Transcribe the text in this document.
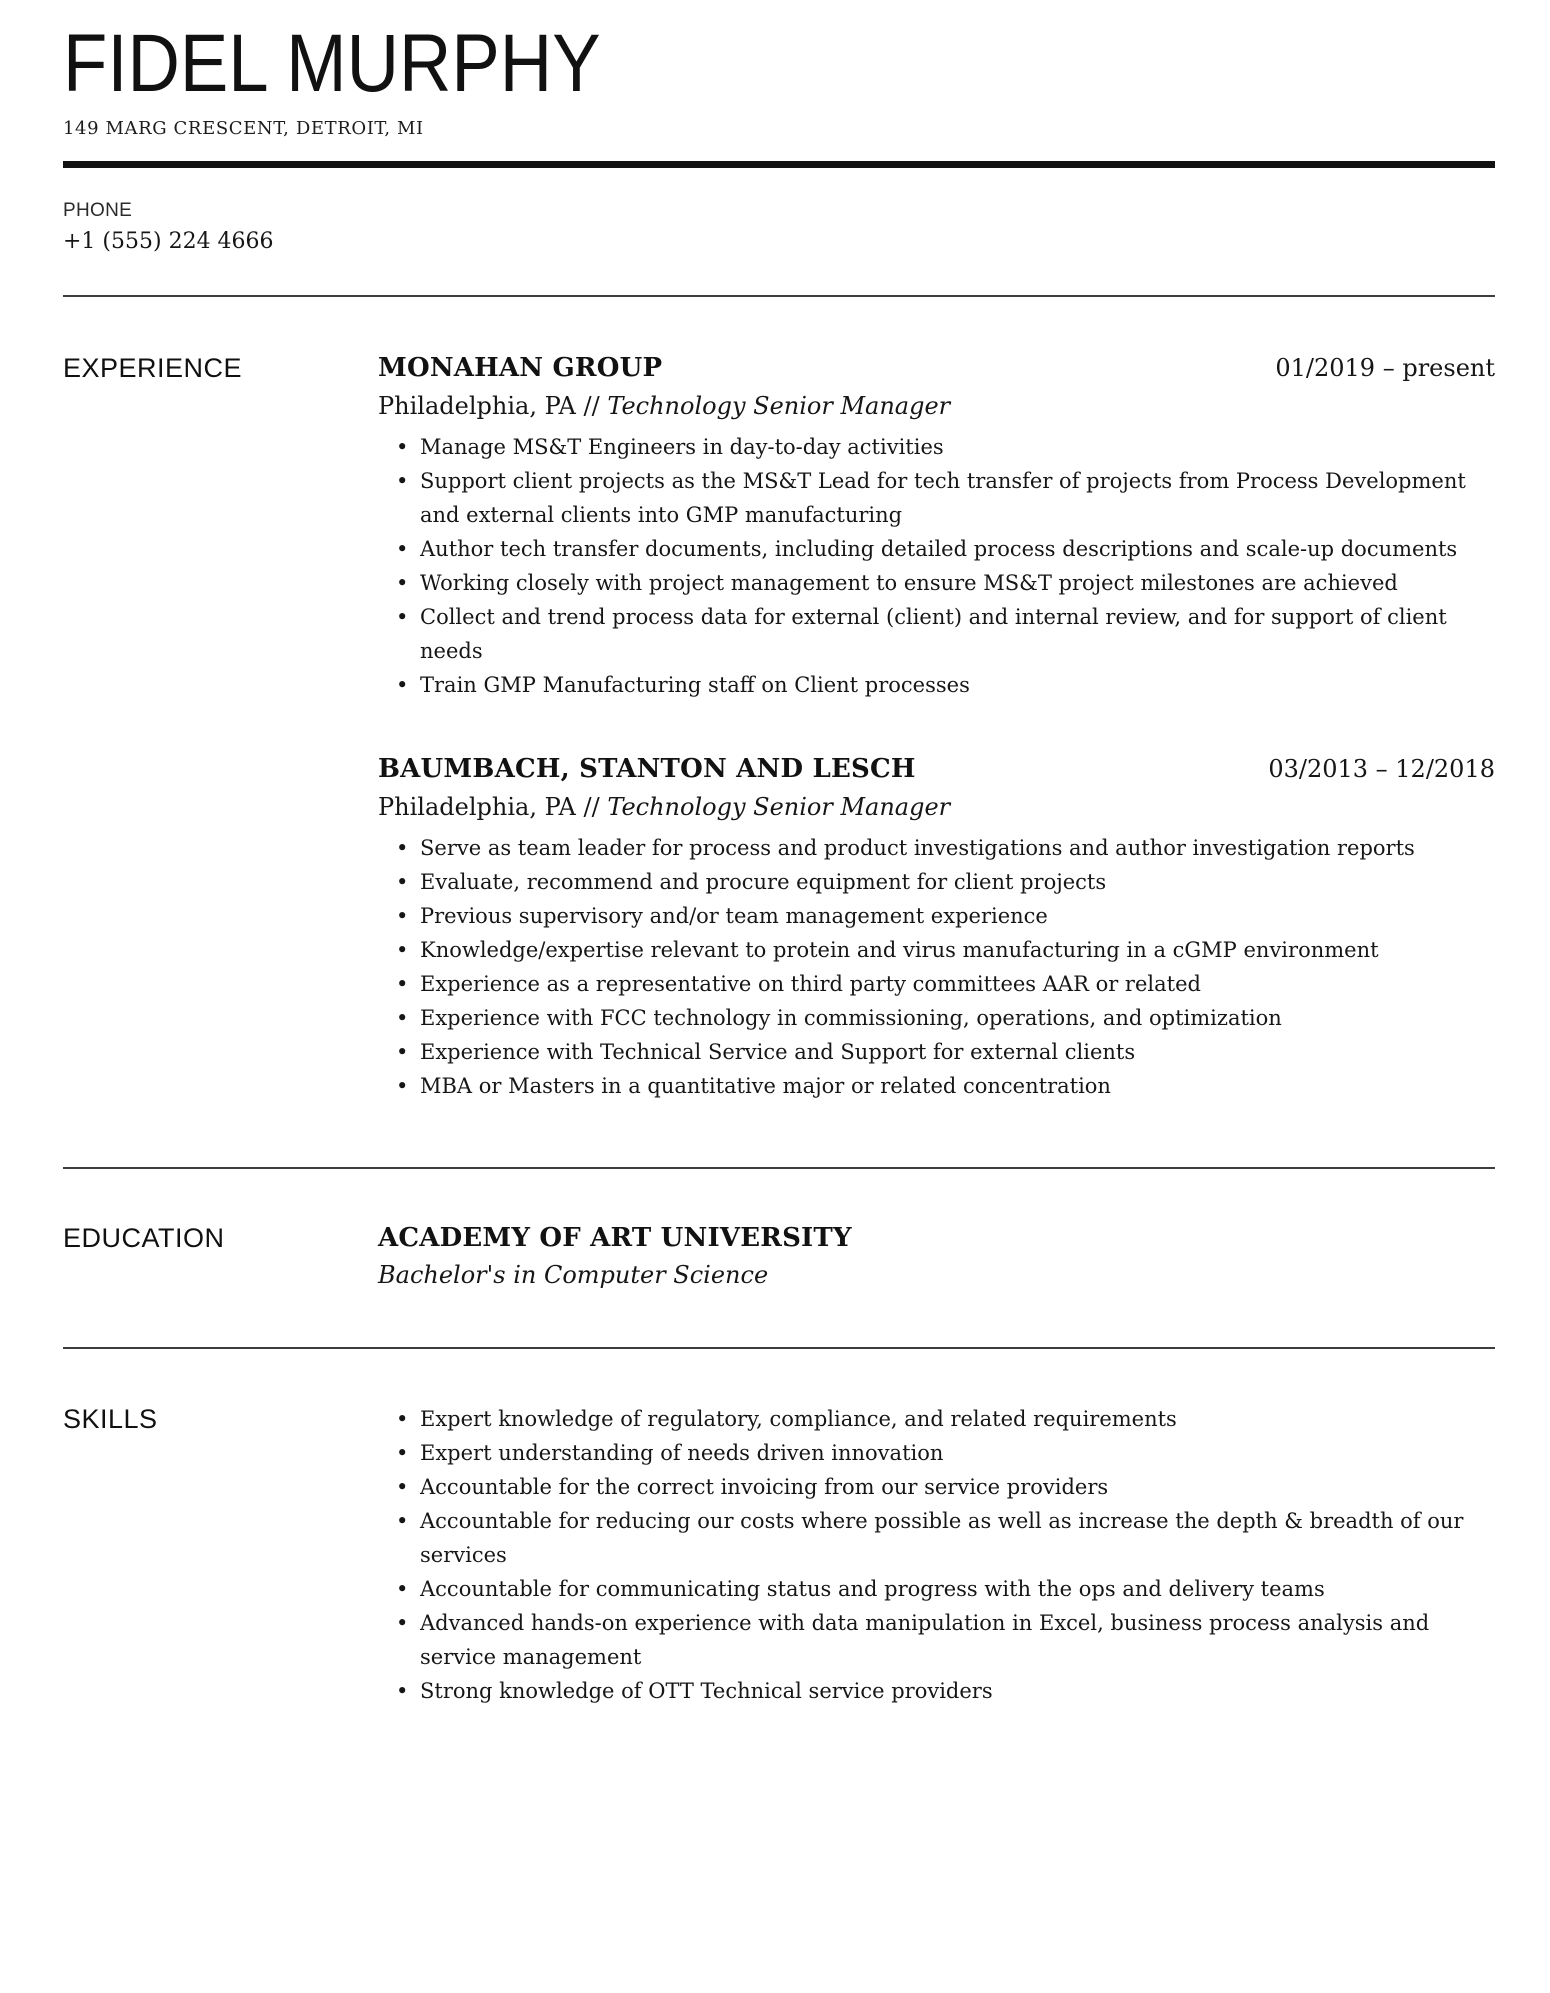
FIDEL MURPHY
149 MARG CRESCENT, DETROIT, MI
PHONE
+1 (555) 224 4666
EXPERIENCE	MONAHAN GROUP	01/2019 – present
Philadelphia, PA // Technology Senior Manager
• Manage MS&T Engineers in day-to-day activities
• Support client projects as the MS&T Lead for tech transfer of projects from Process Development and external clients into GMP manufacturing
• Author tech transfer documents, including detailed process descriptions and scale-up documents
• Working closely with project management to ensure MS&T project milestones are achieved
• Collect and trend process data for external (client) and internal review, and for support of client needs
• Train GMP Manufacturing staff on Client processes
BAUMBACH, STANTON AND LESCH	03/2013 – 12/2018
Philadelphia, PA // Technology Senior Manager
• Serve as team leader for process and product investigations and author investigation reports
• Evaluate, recommend and procure equipment for client projects
• Previous supervisory and/or team management experience
• Knowledge/expertise relevant to protein and virus manufacturing in a cGMP environment
• Experience as a representative on third party committees AAR or related
• Experience with FCC technology in commissioning, operations, and optimization
• Experience with Technical Service and Support for external clients
• MBA or Masters in a quantitative major or related concentration
EDUCATION	ACADEMY OF ART UNIVERSITY
Bachelor's in Computer Science
SKILLS	• Expert knowledge of regulatory, compliance, and related requirements
• Expert understanding of needs driven innovation
• Accountable for the correct invoicing from our service providers
• Accountable for reducing our costs where possible as well as increase the depth & breadth of our services
• Accountable for communicating status and progress with the ops and delivery teams
• Advanced hands-on experience with data manipulation in Excel, business process analysis and service management
• Strong knowledge of OTT Technical service providers
